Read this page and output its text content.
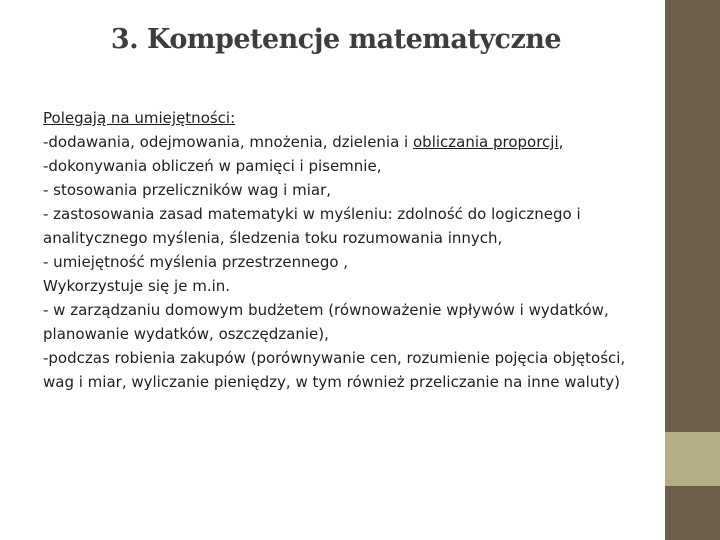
3. Kompetencje matematyczne
Polegają na umiejętności:
-dodawania, odejmowania, mnożenia, dzielenia i obliczania proporcji,
-dokonywania obliczeń w pamięci i pisemnie,
- stosowania przeliczników wag i miar,
- zastosowania zasad matematyki w myśleniu: zdolność do logicznego i analitycznego myślenia, śledzenia toku rozumowania innych,
- umiejętność myślenia przestrzennego ,
Wykorzystuje się je m.in.
- w zarządzaniu domowym budżetem (równoważenie wpływów i wydatków, planowanie wydatków, oszczędzanie),
-podczas robienia zakupów (porównywanie cen, rozumienie pojęcia objętości, wag i miar, wyliczanie pieniędzy, w tym również przeliczanie na inne waluty)
